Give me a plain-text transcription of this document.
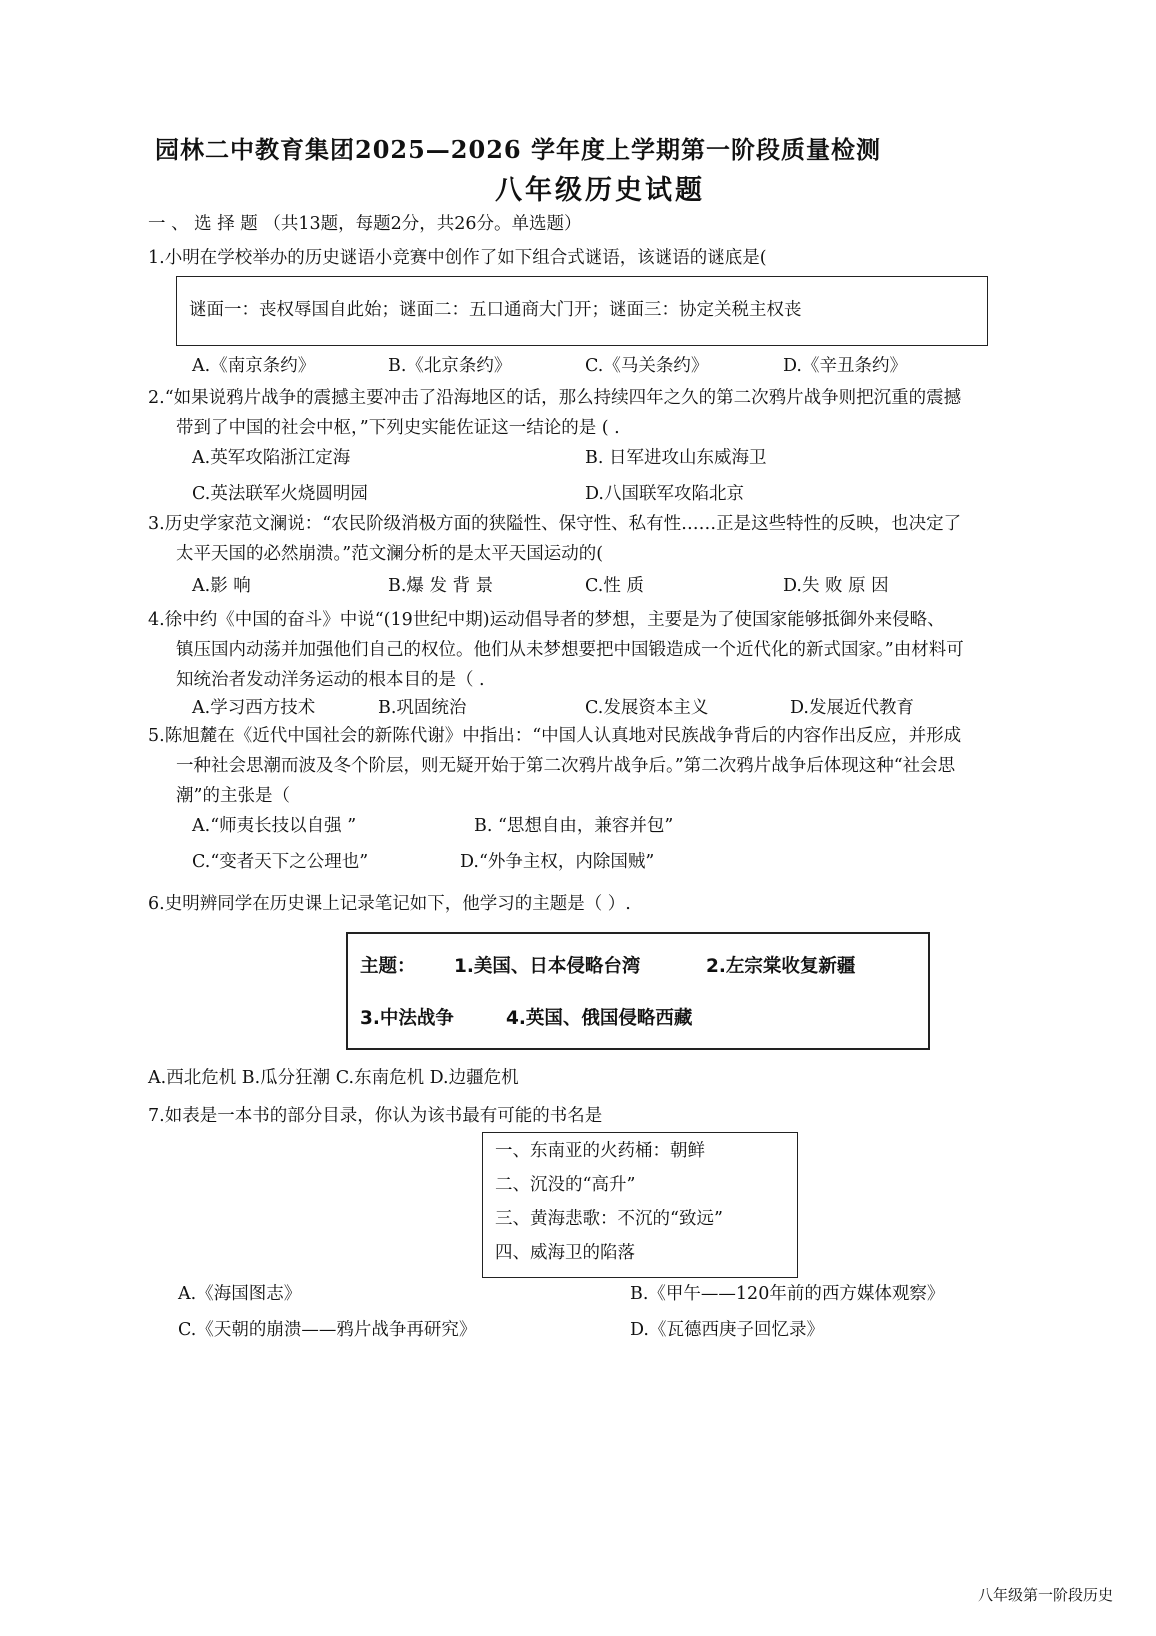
园林二中教育集团2025—2026 学年度上学期第一阶段质量检测
八年级历史试题
一 、 选 择 题 （共13题，每题2分，共26分。单选题）
1.小明在学校举办的历史谜语小竞赛中创作了如下组合式谜语，该谜语的谜底是(
谜面一：丧权辱国自此始；谜面二：五口通商大门开；谜面三：协定关税主权丧
A.《南京条约》	B.《北京条约》	C.《马关条约》	D.《辛丑条约》
2.“如果说鸦片战争的震撼主要冲击了沿海地区的话，那么持续四年之久的第二次鸦片战争则把沉重的震撼
带到了中国的社会中枢，”下列史实能佐证这一结论的是 ( .
A.英军攻陷浙江定海	B. 日军进攻山东威海卫
C.英法联军火烧圆明园	D.八国联军攻陷北京
3.历史学家范文澜说：“农民阶级消极方面的狭隘性、保守性、私有性……正是这些特性的反映，也决定了
太平天国的必然崩溃。”范文澜分析的是太平天国运动的(
A.影 响	B.爆 发 背 景	C.性 质	D.失 败 原 因
4.徐中约《中国的奋斗》中说“(19世纪中期)运动倡导者的梦想，主要是为了使国家能够抵御外来侵略、
镇压国内动荡并加强他们自己的权位。他们从未梦想要把中国锻造成一个近代化的新式国家。”由材料可
知统治者发动洋务运动的根本目的是（ .
A.学习西方技术	B.巩固统治	C.发展资本主义	D.发展近代教育
5.陈旭麓在《近代中国社会的新陈代谢》中指出：“中国人认真地对民族战争背后的内容作出反应，并形成
一种社会思潮而波及冬个阶层，则无疑开始于第二次鸦片战争后。”第二次鸦片战争后体现这种“社会思
潮”的主张是（
A.“师夷长技以自强 ”	B. “思想自由，兼容并包”
C.“变者天下之公理也”	D.“外争主权，内除国贼”
6.史明辨同学在历史课上记录笔记如下，他学习的主题是（ ）.
主题： 1.美国、日本侵略台湾	2.左宗棠收复新疆
3.中法战争	4.英国、俄国侵略西藏
A.西北危机 B.瓜分狂潮 C.东南危机 D.边疆危机
7.如表是一本书的部分目录，你认为该书最有可能的书名是
一、东南亚的火药桶：朝鲜
二、沉没的“高升”
三、黄海悲歌：不沉的“致远”
四、威海卫的陷落
A.《海国图志》	B.《甲午——120年前的西方媒体观察》
C.《天朝的崩溃——鸦片战争再研究》	D.《瓦德西庚子回忆录》
八年级第一阶段历史
